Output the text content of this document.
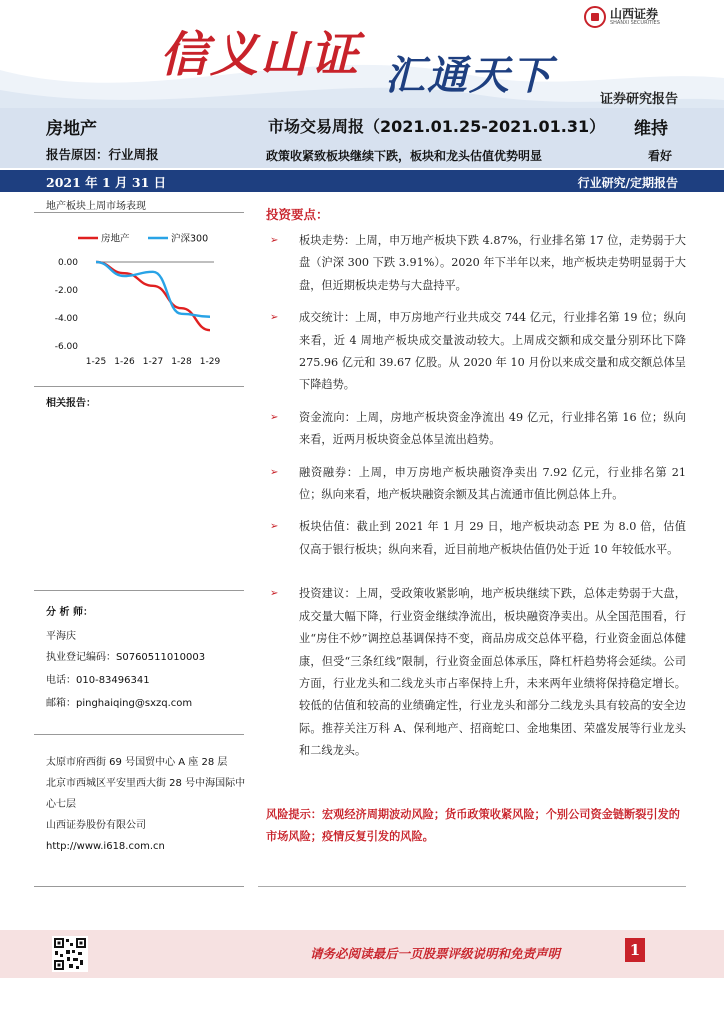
信义山证 汇通天下
山西证券
SHANXI SECURITIES
证券研究报告
房地产
报告原因：行业周报
市场交易周报（2021.01.25-2021.01.31）
政策收紧致板块继续下跌，板块和龙头估值优势明显
维持
看好
2021 年 1 月 31 日	行业研究/定期报告
地产板块上周市场表现
0.00
-2.00
-4.00
-6.00
1-25 1-26 1-27 1-28 1-29
房地产	沪深300
相关报告：
分 析 师：
平海庆
执业登记编码：S0760511010003
电话：010-83496341
邮箱：pinghaiqing@sxzq.com
太原市府西街 69 号国贸中心 A 座 28 层
北京市西城区平安里西大街 28 号中海国际中心七层
山西证券股份有限公司
http://www.i618.com.cn
投资要点：
➢ 板块走势：上周，申万地产板块下跌 4.87%，行业排名第 17 位，走势弱于大盘（沪深 300 下跌 3.91%）。2020 年下半年以来，地产板块走势明显弱于大盘，但近期板块走势与大盘持平。
➢ 成交统计：上周，申万房地产行业共成交 744 亿元，行业排名第 19 位；纵向来看，近 4 周地产板块成交量波动较大。上周成交额和成交量分别环比下降 275.96 亿元和 39.67 亿股。从 2020 年 10 月份以来成交量和成交额总体呈下降趋势。
➢ 资金流向：上周，房地产板块资金净流出 49 亿元，行业排名第 16 位；纵向来看，近两月板块资金总体呈流出趋势。
➢ 融资融券：上周，申万房地产板块融资净卖出 7.92 亿元，行业排名第 21 位；纵向来看，地产板块融资余额及其占流通市值比例总体上升。
➢ 板块估值：截止到 2021 年 1 月 29 日，地产板块动态 PE 为 8.0 倍，估值仅高于银行板块；纵向来看，近目前地产板块估值仍处于近 10 年较低水平。
➢ 投资建议：上周，受政策收紧影响，地产板块继续下跌，总体走势弱于大盘，成交量大幅下降，行业资金继续净流出，板块融资净卖出。从全国范围看，行业“房住不炒”调控总基调保持不变，商品房成交总体平稳，行业资金面总体健康，但受“三条红线”限制，行业资金面总体承压，降杠杆趋势将会延续。公司方面，行业龙头和二线龙头市占率保持上升，未来两年业绩将保持稳定增长。较低的估值和较高的业绩确定性，行业龙头和部分二线龙头具有较高的安全边际。推荐关注万科 A、保利地产、招商蛇口、金地集团、荣盛发展等行业龙头和二线龙头。
风险提示：宏观经济周期波动风险；货币政策收紧风险；个别公司资金链断裂引发的市场风险；疫情反复引发的风险。
请务必阅读最后一页股票评级说明和免责声明	1
